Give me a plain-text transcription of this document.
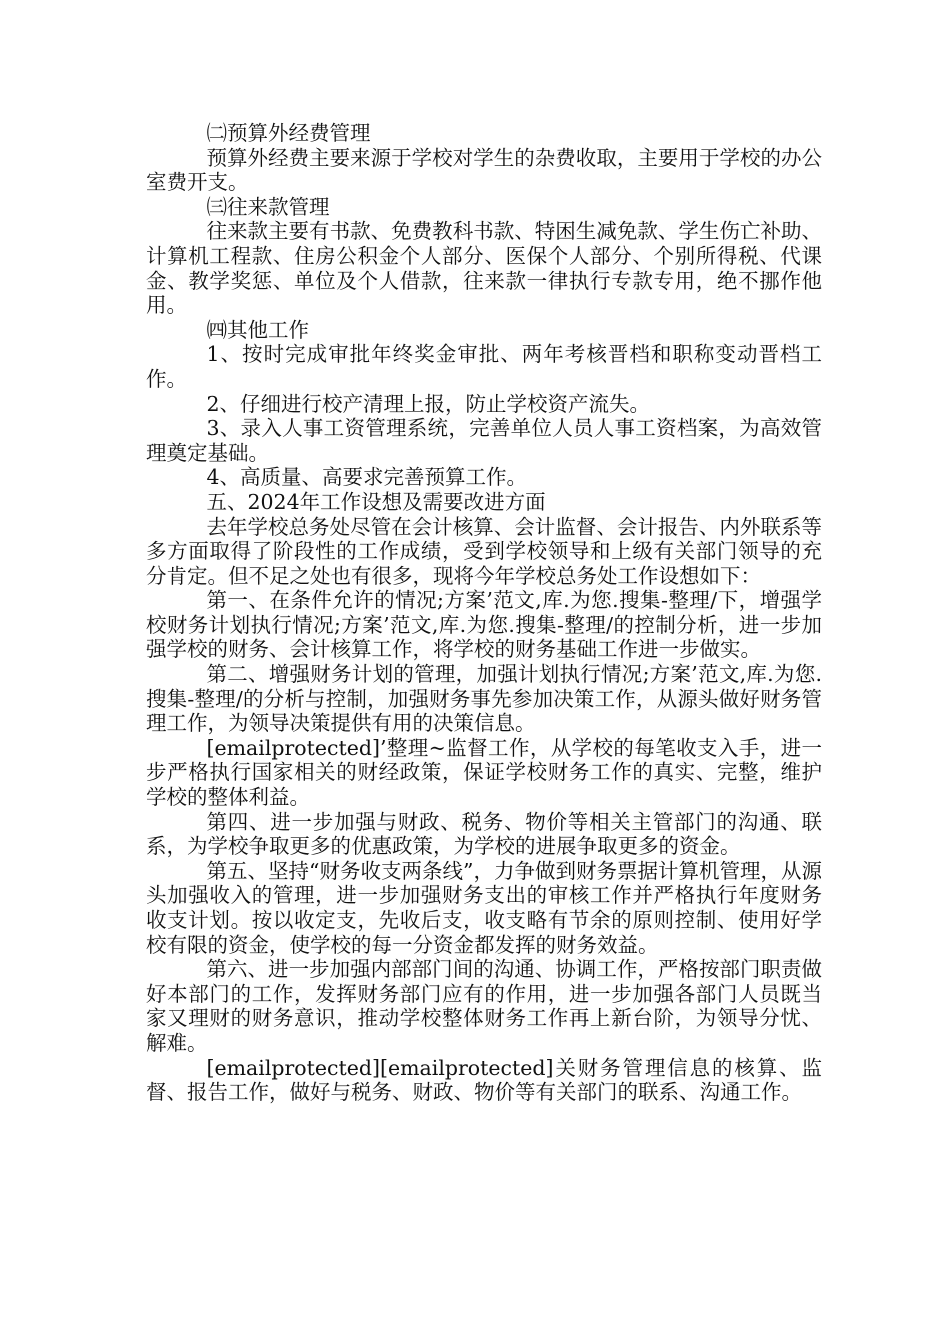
㈡预算外经费管理

预算外经费主要来源于学校对学生的杂费收取，主要用于学校的办公室费开支。

㈢往来款管理

往来款主要有书款、免费教科书款、特困生减免款、学生伤亡补助、计算机工程款、住房公积金个人部分、医保个人部分、个别所得税、代课金、教学奖惩、单位及个人借款，往来款一律执行专款专用，绝不挪作他用。

㈣其他工作

1、按时完成审批年终奖金审批、两年考核晋档和职称变动晋档工作。

2、仔细进行校产清理上报，防止学校资产流失。

3、录入人事工资管理系统，完善单位人员人事工资档案，为高效管理奠定基础。

4、高质量、高要求完善预算工作。

五、2024年工作设想及需要改进方面

去年学校总务处尽管在会计核算、会计监督、会计报告、内外联系等多方面取得了阶段性的工作成绩，受到学校领导和上级有关部门领导的充分肯定。但不足之处也有很多，现将今年学校总务处工作设想如下：

第一、在条件允许的情况;方案’范文,库.为您.搜集-整理/下，增强学校财务计划执行情况;方案’范文,库.为您.搜集-整理/的控制分析，进一步加强学校的财务、会计核算工作，将学校的财务基础工作进一步做实。

第二、增强财务计划的管理，加强计划执行情况;方案’范文,库.为您.搜集-整理/的分析与控制，加强财务事先参加决策工作，从源头做好财务管理工作，为领导决策提供有用的决策信息。

[emailprotected]’整理~监督工作，从学校的每笔收支入手，进一步严格执行国家相关的财经政策，保证学校财务工作的真实、完整，维护学校的整体利益。

第四、进一步加强与财政、税务、物价等相关主管部门的沟通、联系，为学校争取更多的优惠政策，为学校的进展争取更多的资金。

第五、坚持“财务收支两条线”，力争做到财务票据计算机管理，从源头加强收入的管理，进一步加强财务支出的审核工作并严格执行年度财务收支计划。按以收定支，先收后支，收支略有节余的原则控制、使用好学校有限的资金，使学校的每一分资金都发挥的财务效益。

第六、进一步加强内部部门间的沟通、协调工作，严格按部门职责做好本部门的工作，发挥财务部门应有的作用，进一步加强各部门人员既当家又理财的财务意识，推动学校整体财务工作再上新台阶，为领导分忧、解难。

[emailprotected][emailprotected]关财务管理信息的核算、监督、报告工作，做好与税务、财政、物价等有关部门的联系、沟通工作。
